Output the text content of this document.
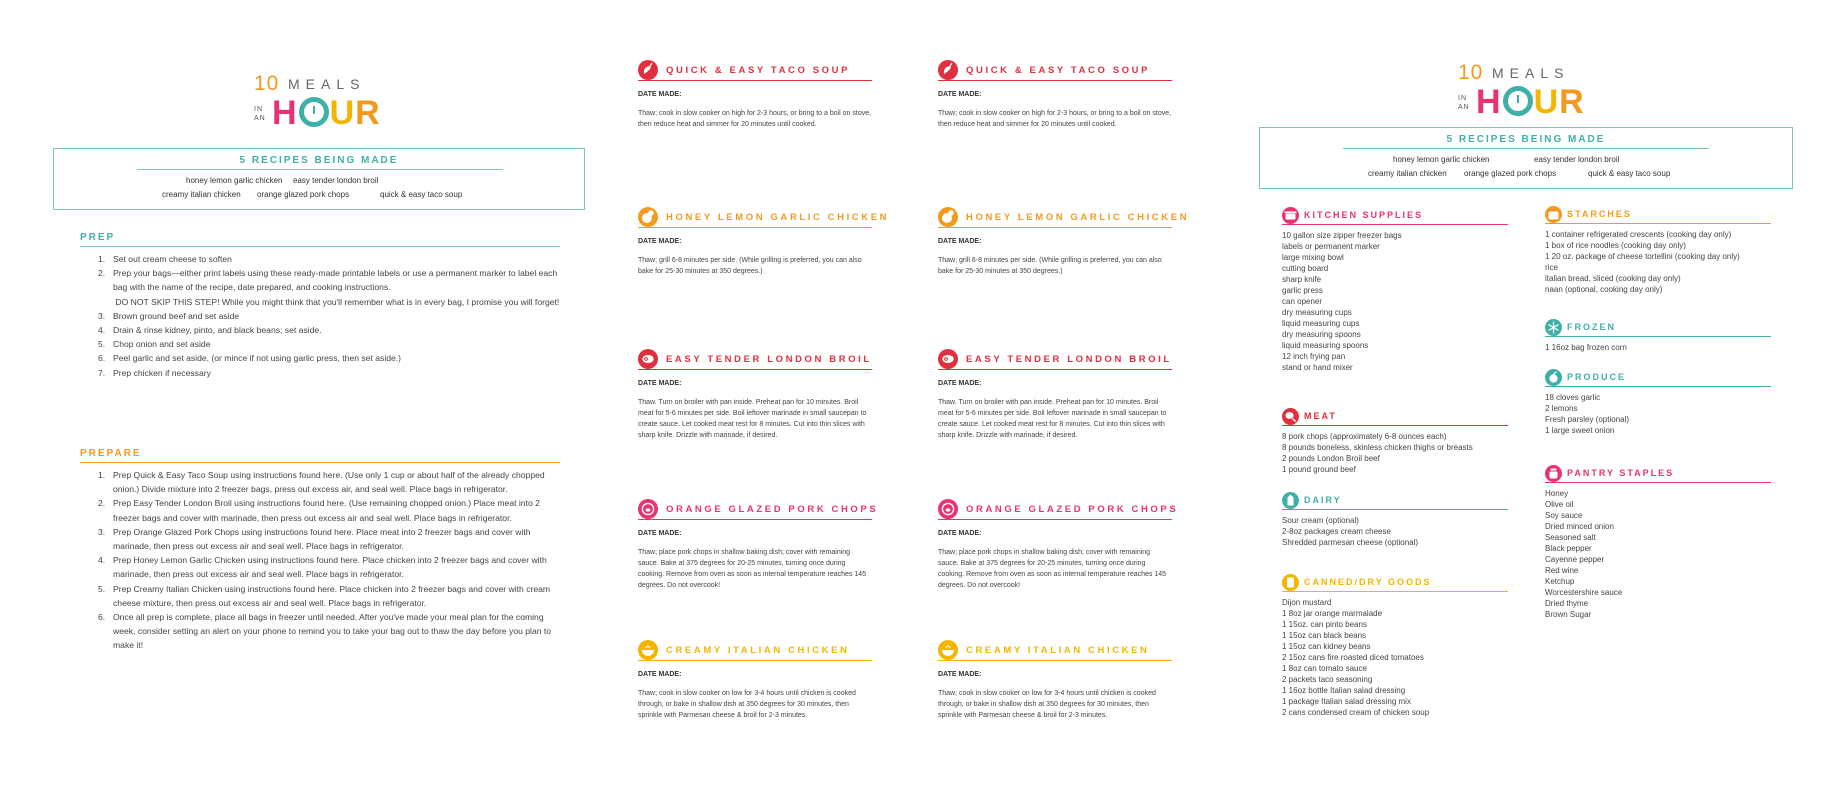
10 MEALS
IN
AN H UR
5 RECIPES BEING MADE
honey lemon garlic chicken easy tender london broil
creamy italian chicken orange glazed pork chops	quick & easy taco soup
PREP
1. Set out cream cheese to soften
2. Prep your bags—either print labels using these ready-made printable labels or use a permanent marker to label each bag with the name of the recipe, date prepared, and cooking instructions.
DO NOT SKIP THIS STEP! While you might think that you'll remember what is in every bag, I promise you will forget!
3. Brown ground beef and set aside
4. Drain & rinse kidney, pinto, and black beans; set aside.
5. Chop onion and set aside
6. Peel garlic and set aside, (or mince if not using garlic press, then set aside.)
7. Prep chicken if necessary
PREPARE
1. Prep Quick & Easy Taco Soup using instructions found here. (Use only 1 cup or about half of the already chopped onion.) Divide mixture into 2 freezer bags, press out excess air, and seal well. Place bags in refrigerator.
2. Prep Easy Tender London Broil using instructions found here. (Use remaining chopped onion.) Place meat into 2 freezer bags and cover with marinade, then press out excess air and seal well. Place bags in refrigerator.
3. Prep Orange Glazed Pork Chops using instructions found here. Place meat into 2 freezer bags and cover with marinade, then press out excess air and seal well. Place bags in refrigerator.
4. Prep Honey Lemon Garlic Chicken using instructions found here. Place chicken into 2 freezer bags and cover with marinade, then press out excess air and seal well. Place bags in refrigerator.
5. Prep Creamy Italian Chicken using instructions found here. Place chicken into 2 freezer bags and cover with cream cheese mixture, then press out excess air and seal well. Place bags in refrigerator.
6. Once all prep is complete, place all bags in freezer until needed. After you've made your meal plan for the coming week, consider setting an alert on your phone to remind you to take your bag out to thaw the day before you plan to make it!
QUICK & EASY TACO SOUP
DATE MADE:
Thaw; cook in slow cooker on high for 2-3 hours, or bring to a boil on stove, then reduce heat and simmer for 20 minutes until cooked.
HONEY LEMON GARLIC CHICKEN
DATE MADE:
Thaw; grill 6-8 minutes per side. (While grilling is preferred, you can also bake for 25-30 minutes at 350 degrees.)
EASY TENDER LONDON BROIL
DATE MADE:
Thaw. Turn on broiler with pan inside. Preheat pan for 10 minutes. Broil meat for 5-6 minutes per side. Boil leftover marinade in small saucepan to create sauce. Let cooked meat rest for 8 minutes. Cut into thin slices with sharp knife. Drizzle with marinade, if desired.
ORANGE GLAZED PORK CHOPS
DATE MADE:
Thaw; place pork chops in shallow baking dish; cover with remaining sauce. Bake at 375 degrees for 20-25 minutes, turning once during cooking. Remove from oven as soon as internal temperature reaches 145 degrees. Do not overcook!
CREAMY ITALIAN CHICKEN
DATE MADE:
Thaw; cook in slow cooker on low for 3-4 hours until chicken is cooked through, or bake in shallow dish at 350 degrees for 30 minutes, then sprinkle with Parmesan cheese & broil for 2-3 minutes.
QUICK & EASY TACO SOUP
DATE MADE:
Thaw; cook in slow cooker on high for 2-3 hours, or bring to a boil on stove, then reduce heat and simmer for 20 minutes until cooked.
HONEY LEMON GARLIC CHICKEN
DATE MADE:
Thaw; grill 6-8 minutes per side. (While grilling is preferred, you can also bake for 25-30 minutes at 350 degrees.)
EASY TENDER LONDON BROIL
DATE MADE:
Thaw. Turn on broiler with pan inside. Preheat pan for 10 minutes. Broil meat for 5-6 minutes per side. Boil leftover marinade in small saucepan to create sauce. Let cooked meat rest for 8 minutes. Cut into thin slices with sharp knife. Drizzle with marinade, if desired.
ORANGE GLAZED PORK CHOPS
DATE MADE:
Thaw; place pork chops in shallow baking dish; cover with remaining sauce. Bake at 375 degrees for 20-25 minutes, turning once during cooking. Remove from oven as soon as internal temperature reaches 145 degrees. Do not overcook!
CREAMY ITALIAN CHICKEN
DATE MADE:
Thaw; cook in slow cooker on low for 3-4 hours until chicken is cooked through, or bake in shallow dish at 350 degrees for 30 minutes, then sprinkle with Parmesan cheese & broil for 2-3 minutes.
10 MEALS
IN
AN H UR
5 RECIPES BEING MADE
honey lemon garlic chicken	easy tender london broil
creamy italian chicken orange glazed pork chops	quick & easy taco soup
KITCHEN SUPPLIES
10 gallon size zipper freezer bags
labels or permanent marker
large mixing bowl
cutting board
sharp knife
garlic press
can opener
dry measuring cups
liquid measuring cups
dry measuring spoons
liquid measuring spoons
12 inch frying pan
stand or hand mixer
MEAT
8 pork chops (approximately 6-8 ounces each)
8 pounds boneless, skinless chicken thighs or breasts
2 pounds London Broil beef
1 pound ground beef
DAIRY
Sour cream (optional)
2-8oz packages cream cheese
Shredded parmesan cheese (optional)
CANNED/DRY GOODS
Dijon mustard
1 8oz jar orange marmalade
1 15oz. can pinto beans
1 15oz can black beans
1 15oz can kidney beans
2 15oz cans fire roasted diced tomatoes
1 8oz can tomato sauce
2 packets taco seasoning
1 16oz bottle Italian salad dressing
1 package Italian salad dressing mix
2 cans condensed cream of chicken soup
STARCHES
1 container refrigerated crescents (cooking day only)
1 box of rice noodles (cooking day only)
1 20 oz. package of cheese tortellini (cooking day only)
rice
italian bread, sliced (cooking day only)
naan (optional, cooking day only)
FROZEN
1 16oz bag frozen corn
PRODUCE
18 cloves garlic
2 lemons
Fresh parsley (optional)
1 large sweet onion
PANTRY STAPLES
Honey
Olive oil
Soy sauce
Dried minced onion
Seasoned salt
Black pepper
Cayenne pepper
Red wine
Ketchup
Worcestershire sauce
Dried thyme
Brown Sugar
